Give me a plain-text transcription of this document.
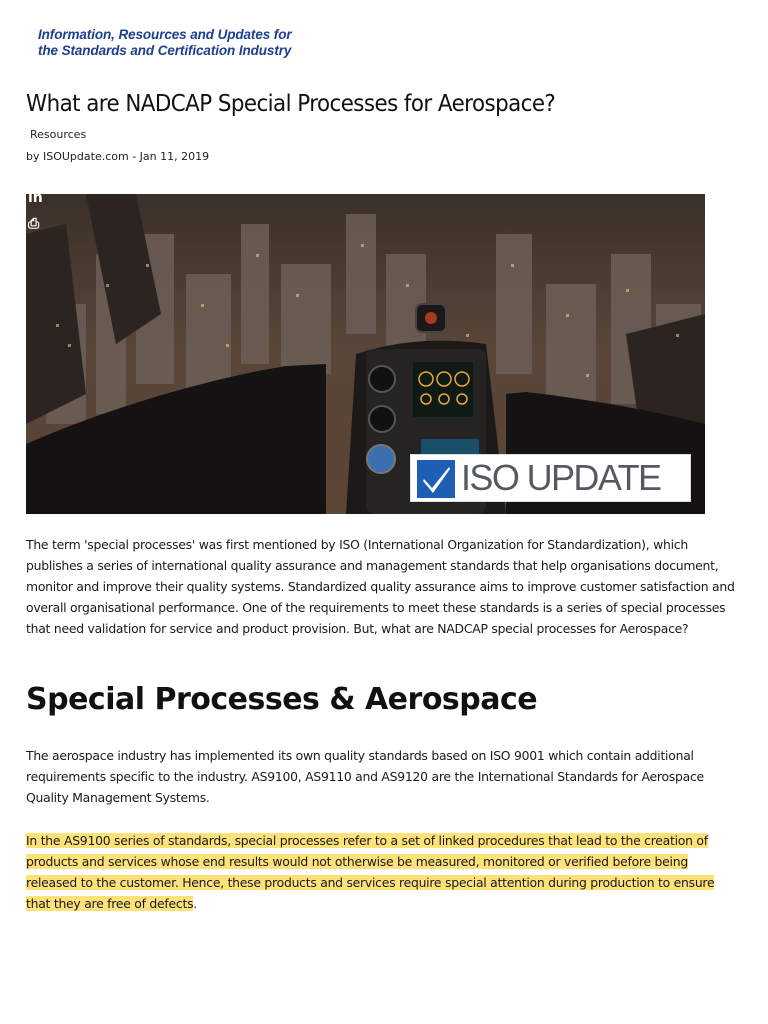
Information, Resources and Updates for
the Standards and Certification Industry
What are NADCAP Special Processes for Aerospace?
Resources
by ISOUpdate.com - Jan 11, 2019
in
⎙
ISO UPDATE

The term 'special processes' was first mentioned by ISO (International Organization for Standardization), which publishes a series of international quality assurance and management standards that help organisations document, monitor and improve their quality systems. Standardized quality assurance aims to improve customer satisfaction and overall organisational performance. One of the requirements to meet these standards is a series of special processes that need validation for service and product provision. But, what are NADCAP special processes for Aerospace?

Special Processes & Aerospace

The aerospace industry has implemented its own quality standards based on ISO 9001 which contain additional requirements specific to the industry. AS9100, AS9110 and AS9120 are the International Standards for Aerospace Quality Management Systems.

In the AS9100 series of standards, special processes refer to a set of linked procedures that lead to the creation of products and services whose end results would not otherwise be measured, monitored or verified before being released to the customer. Hence, these products and services require special attention during production to ensure that they are free of defects.
